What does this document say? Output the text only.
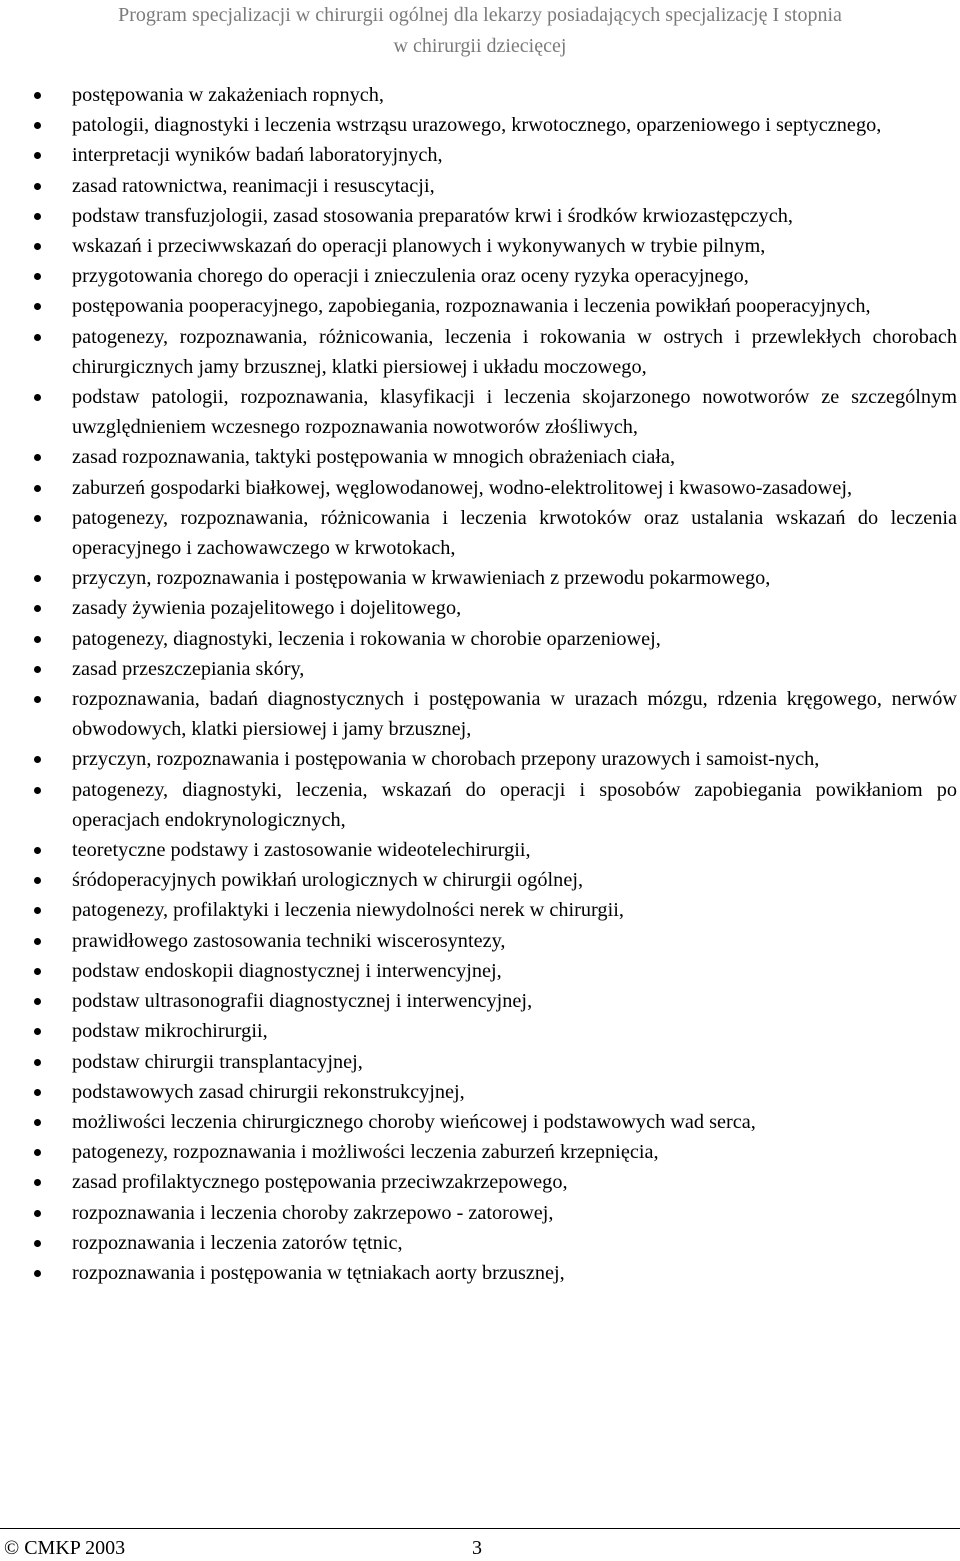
Program specjalizacji w chirurgii ogólnej dla lekarzy posiadających specjalizację I stopnia
w chirurgii dziecięcej
postępowania w zakażeniach ropnych,
patologii, diagnostyki i leczenia wstrząsu urazowego, krwotocznego, oparzeniowego i septycznego,
interpretacji wyników badań laboratoryjnych,
zasad ratownictwa, reanimacji i resuscytacji,
podstaw transfuzjologii, zasad stosowania preparatów krwi i środków krwiozastępczych,
wskazań i przeciwwskazań do operacji planowych i wykonywanych w trybie pilnym,
przygotowania chorego do operacji i znieczulenia oraz oceny ryzyka operacyjnego,
postępowania pooperacyjnego, zapobiegania, rozpoznawania i leczenia powikłań pooperacyjnych,
patogenezy, rozpoznawania, różnicowania, leczenia i rokowania w ostrych i przewlekłych chorobach chirurgicznych jamy brzusznej, klatki piersiowej i układu moczowego,
podstaw patologii, rozpoznawania, klasyfikacji i leczenia skojarzonego nowotworów ze szczególnym uwzględnieniem wczesnego rozpoznawania nowotworów złośliwych,
zasad rozpoznawania, taktyki postępowania w mnogich obrażeniach ciała,
zaburzeń gospodarki białkowej, węglowodanowej, wodno-elektrolitowej i kwasowo-zasadowej,
patogenezy, rozpoznawania, różnicowania i leczenia krwotoków oraz ustalania wskazań do leczenia operacyjnego i zachowawczego w krwotokach,
przyczyn, rozpoznawania i postępowania w krwawieniach z przewodu pokarmowego,
zasady żywienia pozajelitowego i dojelitowego,
patogenezy, diagnostyki, leczenia i rokowania w chorobie oparzeniowej,
zasad przeszczepiania skóry,
rozpoznawania, badań diagnostycznych i postępowania w urazach mózgu, rdzenia kręgowego, nerwów obwodowych, klatki piersiowej i jamy brzusznej,
przyczyn, rozpoznawania i postępowania w chorobach przepony urazowych i samoist-nych,
patogenezy, diagnostyki, leczenia, wskazań do operacji i sposobów zapobiegania powikłaniom po operacjach endokrynologicznych,
teoretyczne podstawy i zastosowanie wideotelechirurgii,
śródoperacyjnych powikłań urologicznych w chirurgii ogólnej,
patogenezy, profilaktyki i leczenia niewydolności nerek w chirurgii,
prawidłowego zastosowania techniki wiscerosyntezy,
podstaw endoskopii diagnostycznej i interwencyjnej,
podstaw ultrasonografii diagnostycznej i interwencyjnej,
podstaw mikrochirurgii,
podstaw chirurgii transplantacyjnej,
podstawowych zasad chirurgii rekonstrukcyjnej,
możliwości leczenia chirurgicznego choroby wieńcowej i podstawowych wad serca,
patogenezy, rozpoznawania i możliwości leczenia zaburzeń krzepnięcia,
zasad profilaktycznego postępowania przeciwzakrzepowego,
rozpoznawania i leczenia choroby zakrzepowo - zatorowej,
rozpoznawania i leczenia zatorów tętnic,
rozpoznawania i postępowania w tętniakach aorty brzusznej,
© CMKP 2003	3
